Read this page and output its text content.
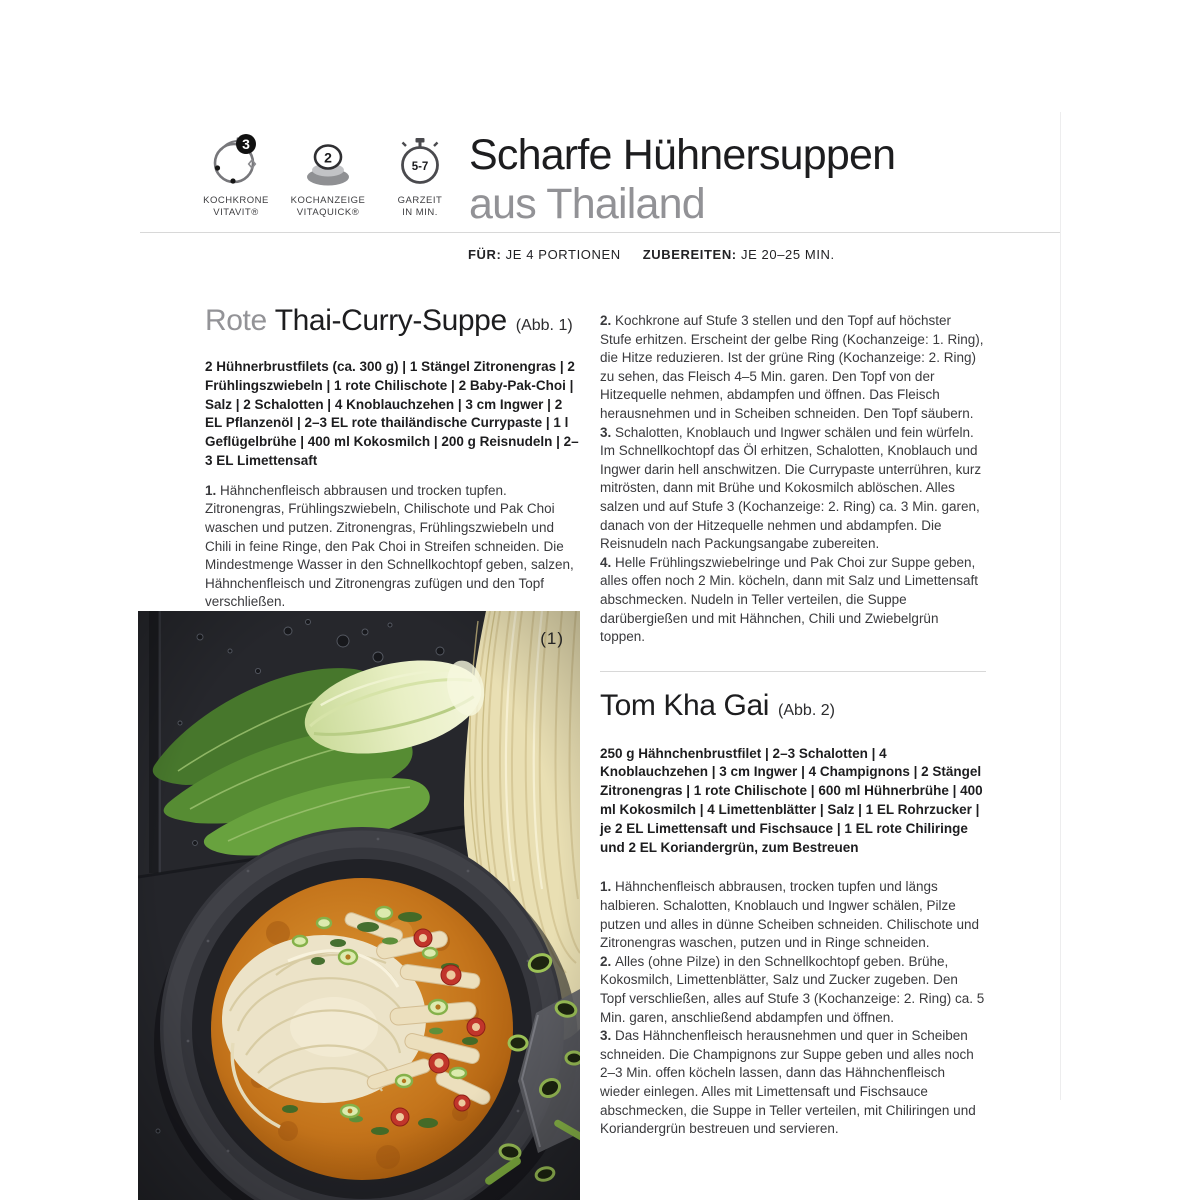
3
KOCHKRONE
VITAVIT®
2
KOCHANZEIGE
VITAQUICK®
5-7
GARZEIT
IN MIN.
Scharfe Hühnersuppen
aus Thailand
FÜR: JE 4 PORTIONEN ZUBEREITEN: JE 20–25 MIN.
Rote Thai-Curry-Suppe (Abb. 1)

2 Hühnerbrustfilets (ca. 300 g) | 1 Stängel Zitronengras | 2 Frühlingszwiebeln | 1 rote Chilischote | 2 Baby-Pak-Choi | Salz | 2 Schalotten | 4 Knoblauchzehen | 3 cm Ingwer | 2 EL Pflanzenöl | 2–3 EL rote thailändische Currypaste | 1 l Geflügelbrühe | 400 ml Kokosmilch | 200 g Reisnudeln | 2–3 EL Limettensaft

1. Hähnchenfleisch abbrausen und trocken tupfen. Zitronengras, Frühlingszwiebeln, Chilischote und Pak Choi waschen und putzen. Zitronengras, Frühlingszwiebeln und Chili in feine Ringe, den Pak Choi in Streifen schneiden. Die Mindestmenge Wasser in den Schnellkochtopf geben, salzen, Hähnchenfleisch und Zitronengras zufügen und den Topf verschließen.

2. Kochkrone auf Stufe 3 stellen und den Topf auf höchster Stufe erhitzen. Erscheint der gelbe Ring (Kochanzeige: 1. Ring), die Hitze reduzieren. Ist der grüne Ring (Kochanzeige: 2. Ring) zu sehen, das Fleisch 4–5 Min. garen. Den Topf von der Hitzequelle nehmen, abdampfen und öffnen. Das Fleisch herausnehmen und in Scheiben schneiden. Den Topf säubern.

3. Schalotten, Knoblauch und Ingwer schälen und fein würfeln. Im Schnellkochtopf das Öl erhitzen, Schalotten, Knoblauch und Ingwer darin hell anschwitzen. Die Currypaste unterrühren, kurz mitrösten, dann mit Brühe und Kokosmilch ablöschen. Alles salzen und auf Stufe 3 (Kochanzeige: 2. Ring) ca. 3 Min. garen, danach von der Hitzequelle nehmen und abdampfen. Die Reisnudeln nach Packungsangabe zubereiten.

4. Helle Frühlingszwiebelringe und Pak Choi zur Suppe geben, alles offen noch 2 Min. köcheln, dann mit Salz und Limettensaft abschmecken. Nudeln in Teller verteilen, die Suppe darübergießen und mit Hähnchen, Chili und Zwiebelgrün toppen.

Tom Kha Gai (Abb. 2)

250 g Hähnchenbrustfilet | 2–3 Schalotten | 4 Knoblauchzehen | 3 cm Ingwer | 4 Champignons | 2 Stängel Zitronengras | 1 rote Chilischote | 600 ml Hühnerbrühe | 400 ml Kokosmilch | 4 Limettenblätter | Salz | 1 EL Rohrzucker | je 2 EL Limettensaft und Fischsauce | 1 EL rote Chiliringe und 2 EL Koriandergrün, zum Bestreuen

1. Hähnchenfleisch abbrausen, trocken tupfen und längs halbieren. Schalotten, Knoblauch und Ingwer schälen, Pilze putzen und alles in dünne Scheiben schneiden. Chilischote und Zitronengras waschen, putzen und in Ringe schneiden.

2. Alles (ohne Pilze) in den Schnellkochtopf geben. Brühe, Kokosmilch, Limettenblätter, Salz und Zucker zugeben. Den Topf verschließen, alles auf Stufe 3 (Kochanzeige: 2. Ring) ca. 5 Min. garen, anschließend abdampfen und öffnen.

3. Das Hähnchenfleisch herausnehmen und quer in Scheiben schneiden. Die Champignons zur Suppe geben und alles noch 2–3 Min. offen köcheln lassen, dann das Hähnchenfleisch wieder einlegen. Alles mit Limettensaft und Fischsauce abschmecken, die Suppe in Teller verteilen, mit Chiliringen und Koriandergrün bestreuen und servieren.

(1)
